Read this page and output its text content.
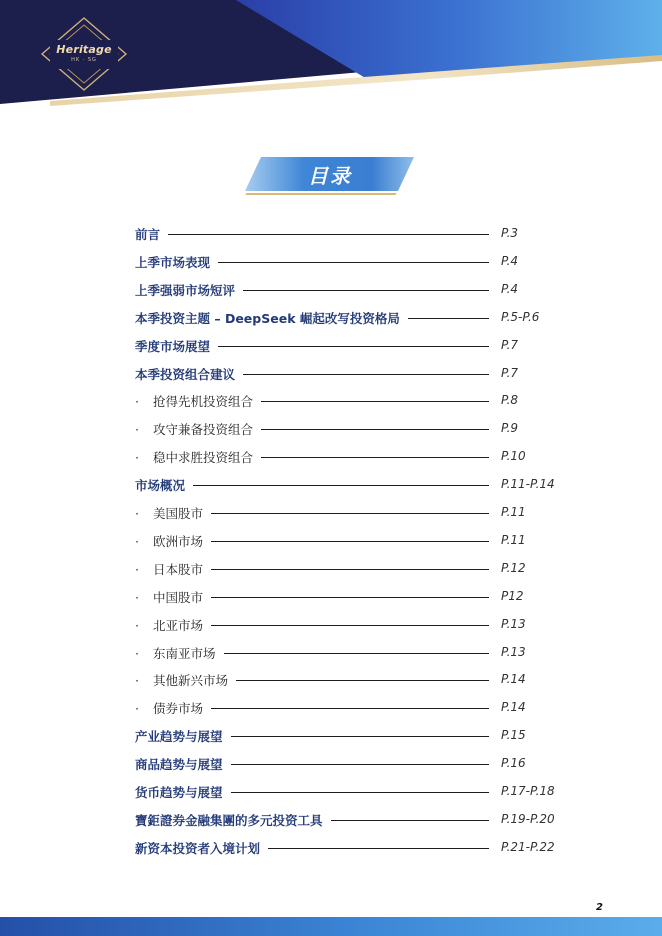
Heritage
HK · SG
目录
前言	P.3
上季市场表现	P.4
上季强弱市场短评	P.4
本季投资主题 – DeepSeek 崛起改写投资格局	P.5-P.6
季度市场展望	P.7
本季投资组合建议	P.7
· 抢得先机投资组合	P.8
· 攻守兼备投资组合	P.9
· 稳中求胜投资组合	P.10
市场概况	P.11-P.14
· 美国股市	P.11
· 欧洲市场	P.11
· 日本股市	P.12
· 中国股市	P12
· 北亚市场	P.13
· 东南亚市场	P.13
· 其他新兴市场	P.14
· 债券市场	P.14
产业趋势与展望	P.15
商品趋势与展望	P.16
货币趋势与展望	P.17-P.18
寶鉅證券金融集團的多元投资工具	P.19-P.20
新资本投资者入境计划	P.21-P.22
2
